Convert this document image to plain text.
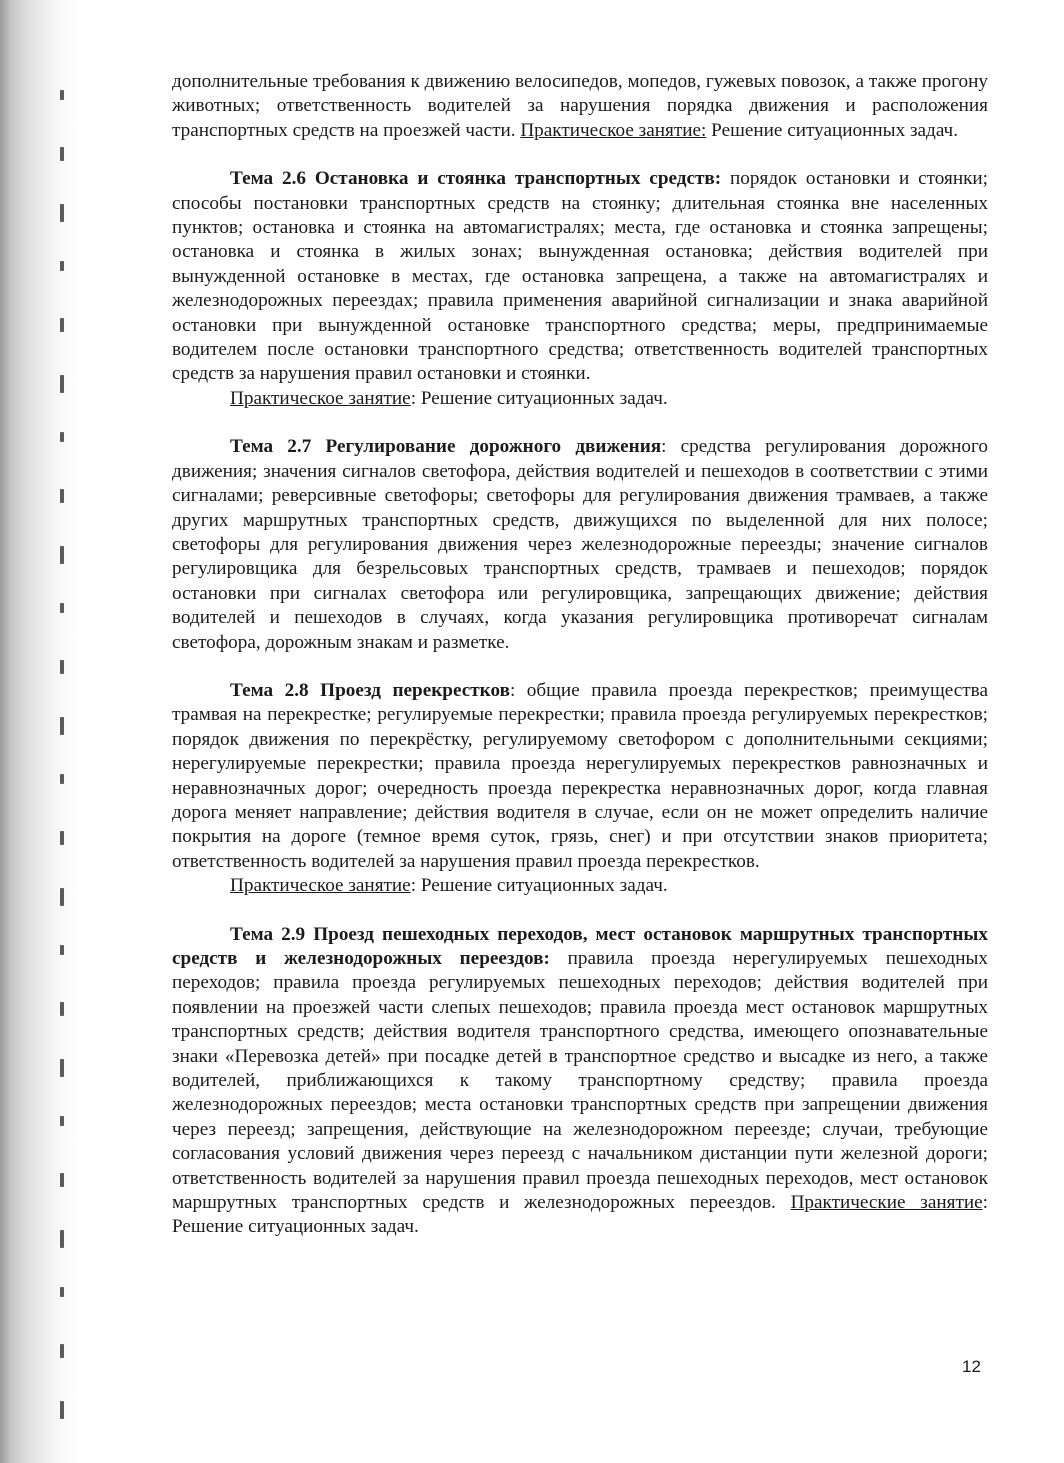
дополнительные требования к движению велосипедов, мопедов, гужевых повозок, а также прогону животных; ответственность водителей за нарушения порядка движения и расположения транспортных средств на проезжей части. Практическое занятие: Решение ситуационных задач.

Тема 2.6 Остановка и стоянка транспортных средств: порядок остановки и стоянки; способы постановки транспортных средств на стоянку; длительная стоянка вне населенных пунктов; остановка и стоянка на автомагистралях; места, где остановка и стоянка запрещены; остановка и стоянка в жилых зонах; вынужденная остановка; действия водителей при вынужденной остановке в местах, где остановка запрещена, а также на автомагистралях и железнодорожных переездах; правила применения аварийной сигнализации и знака аварийной остановки при вынужденной остановке транспортного средства; меры, предпринимаемые водителем после остановки транспортного средства; ответственность водителей транспортных средств за нарушения правил остановки и стоянки.

Практическое занятие: Решение ситуационных задач.

Тема 2.7 Регулирование дорожного движения: средства регулирования дорожного движения; значения сигналов светофора, действия водителей и пешеходов в соответствии с этими сигналами; реверсивные светофоры; светофоры для регулирования движения трамваев, а также других маршрутных транспортных средств, движущихся по выделенной для них полосе; светофоры для регулирования движения через железнодорожные переезды; значение сигналов регулировщика для безрельсовых транспортных средств, трамваев и пешеходов; порядок остановки при сигналах светофора или регулировщика, запрещающих движение; действия водителей и пешеходов в случаях, когда указания регулировщика противоречат сигналам светофора, дорожным знакам и разметке.

Тема 2.8 Проезд перекрестков: общие правила проезда перекрестков; преимущества трамвая на перекрестке; регулируемые перекрестки; правила проезда регулируемых перекрестков; порядок движения по перекрёстку, регулируемому светофором с дополнительными секциями; нерегулируемые перекрестки; правила проезда нерегулируемых перекрестков равнозначных и неравнозначных дорог; очередность проезда перекрестка неравнозначных дорог, когда главная дорога меняет направление; действия водителя в случае, если он не может определить наличие покрытия на дороге (темное время суток, грязь, снег) и при отсутствии знаков приоритета; ответственность водителей за нарушения правил проезда перекрестков.

Практическое занятие: Решение ситуационных задач.

Тема 2.9 Проезд пешеходных переходов, мест остановок маршрутных транспортных средств и железнодорожных переездов: правила проезда нерегулируемых пешеходных переходов; правила проезда регулируемых пешеходных переходов; действия водителей при появлении на проезжей части слепых пешеходов; правила проезда мест остановок маршрутных транспортных средств; действия водителя транспортного средства, имеющего опознавательные знаки «Перевозка детей» при посадке детей в транспортное средство и высадке из него, а также водителей, приближающихся к такому транспортному средству; правила проезда железнодорожных переездов; места остановки транспортных средств при запрещении движения через переезд; запрещения, действующие на железнодорожном переезде; случаи, требующие согласования условий движения через переезд с начальником дистанции пути железной дороги; ответственность водителей за нарушения правил проезда пешеходных переходов, мест остановок маршрутных транспортных средств и железнодорожных переездов. Практические занятие: Решение ситуационных задач.

12
